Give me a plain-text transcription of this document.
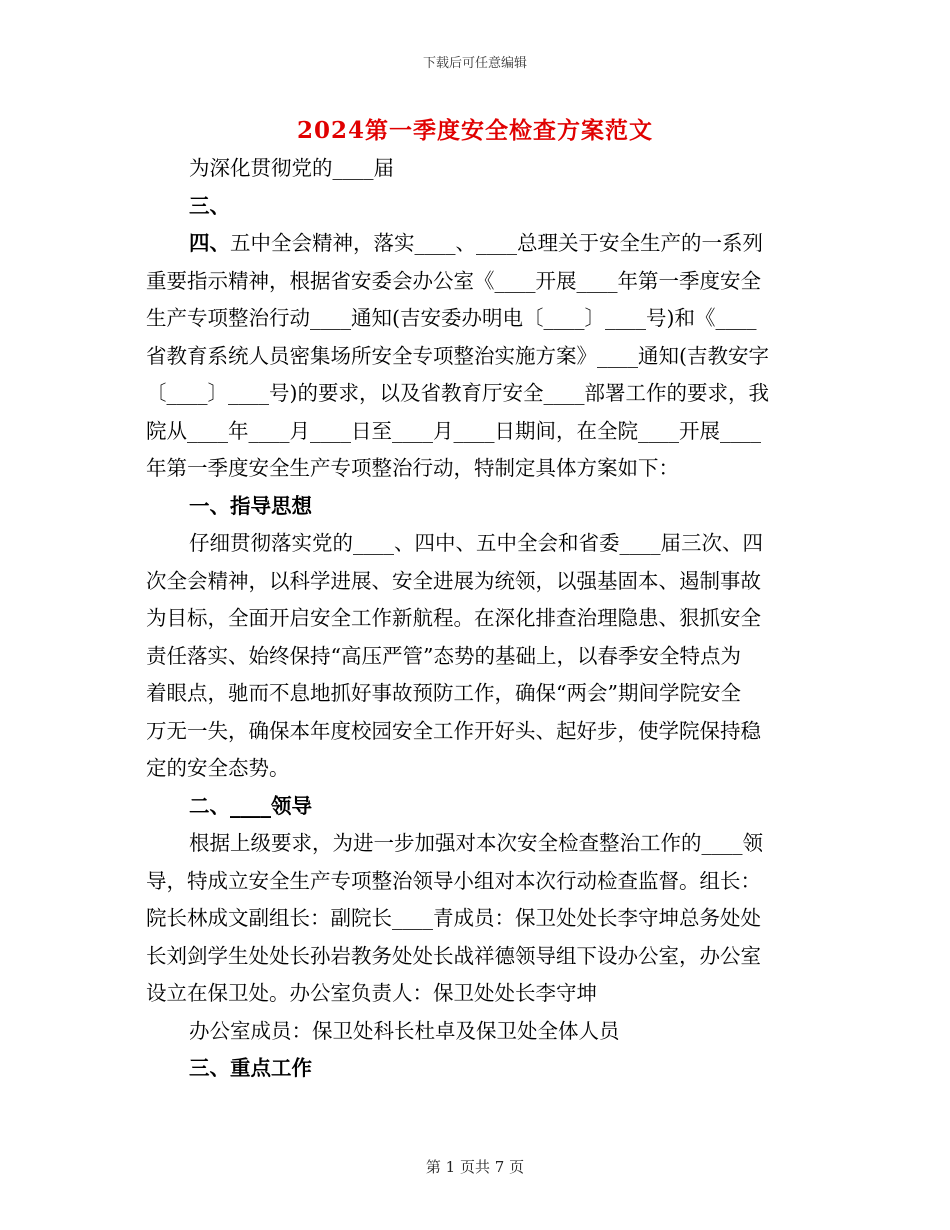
下载后可任意编辑
2024第一季度安全检查方案范文

为深化贯彻党的____届

三、

四、五中全会精神，落实____、____总理关于安全生产的一系列

重要指示精神，根据省安委会办公室《____开展____年第一季度安全

生产专项整治行动____通知(吉安委办明电〔____〕____号)和《____

省教育系统人员密集场所安全专项整治实施方案》____通知(吉教安字

〔____〕____号)的要求，以及省教育厅安全____部署工作的要求，我

院从____年____月____日至____月____日期间，在全院____开展____

年第一季度安全生产专项整治行动，特制定具体方案如下：

一、指导思想

仔细贯彻落实党的____、四中、五中全会和省委____届三次、四

次全会精神，以科学进展、安全进展为统领，以强基固本、遏制事故

为目标，全面开启安全工作新航程。在深化排查治理隐患、狠抓安全

责任落实、始终保持“高压严管”态势的基础上，以春季安全特点为

着眼点，驰而不息地抓好事故预防工作，确保“两会”期间学院安全

万无一失，确保本年度校园安全工作开好头、起好步，使学院保持稳

定的安全态势。

二、____领导

根据上级要求，为进一步加强对本次安全检查整治工作的____领

导，特成立安全生产专项整治领导小组对本次行动检查监督。组长：

院长林成文副组长：副院长____青成员：保卫处处长李守坤总务处处

长刘剑学生处处长孙岩教务处处长战祥德领导组下设办公室，办公室

设立在保卫处。办公室负责人：保卫处处长李守坤

办公室成员：保卫处科长杜卓及保卫处全体人员

三、重点工作

第 1 页共 7 页
